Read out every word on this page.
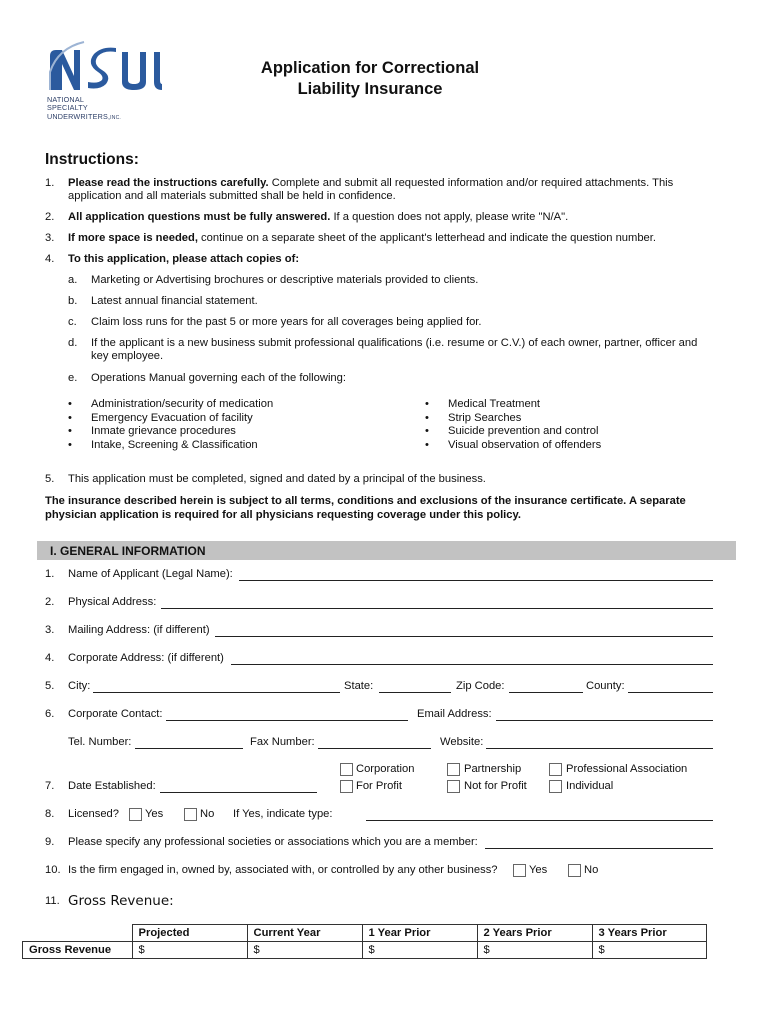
NATIONAL
SPECIALTY
UNDERWRITERS,INC.
Application for Correctional
Liability Insurance
Instructions:
1. Please read the instructions carefully. Complete and submit all requested information and/or required attachments. This application and all materials submitted shall be held in confidence.
2. All application questions must be fully answered. If a question does not apply, please write "N/A".
3. If more space is needed, continue on a separate sheet of the applicant's letterhead and indicate the question number.
4. To this application, please attach copies of:
a. Marketing or Advertising brochures or descriptive materials provided to clients.
b. Latest annual financial statement.
c. Claim loss runs for the past 5 or more years for all coverages being applied for.
d. If the applicant is a new business submit professional qualifications (i.e. resume or C.V.) of each owner, partner, officer and key employee.
e. Operations Manual governing each of the following:
• Administration/security of medication
• Emergency Evacuation of facility
• Inmate grievance procedures
• Intake, Screening & Classification
• Medical Treatment
• Strip Searches
• Suicide prevention and control
• Visual observation of offenders
5. This application must be completed, signed and dated by a principal of the business.
The insurance described herein is subject to all terms, conditions and exclusions of the insurance certificate. A separate physician application is required for all physicians requesting coverage under this policy.
I. GENERAL INFORMATION
1. Name of Applicant (Legal Name):
2. Physical Address:
3. Mailing Address: (if different)
4. Corporate Address: (if different)
5. City:	State:	Zip Code:	County:
6. Corporate Contact:	Email Address:
Tel. Number:	Fax Number:	Website:
Corporation	Partnership	Professional Association
7. Date Established:	For Profit	Not for Profit	Individual
8. Licensed? Yes	No If Yes, indicate type:
9. Please specify any professional societies or associations which you are a member:
10. Is the firm engaged in, owned by, associated with, or controlled by any other business?	Yes	No
11. Gross Revenue:
	Projected	Current Year	1 Year Prior	2 Years Prior	3 Years Prior
Gross Revenue	$	$	$	$	$
